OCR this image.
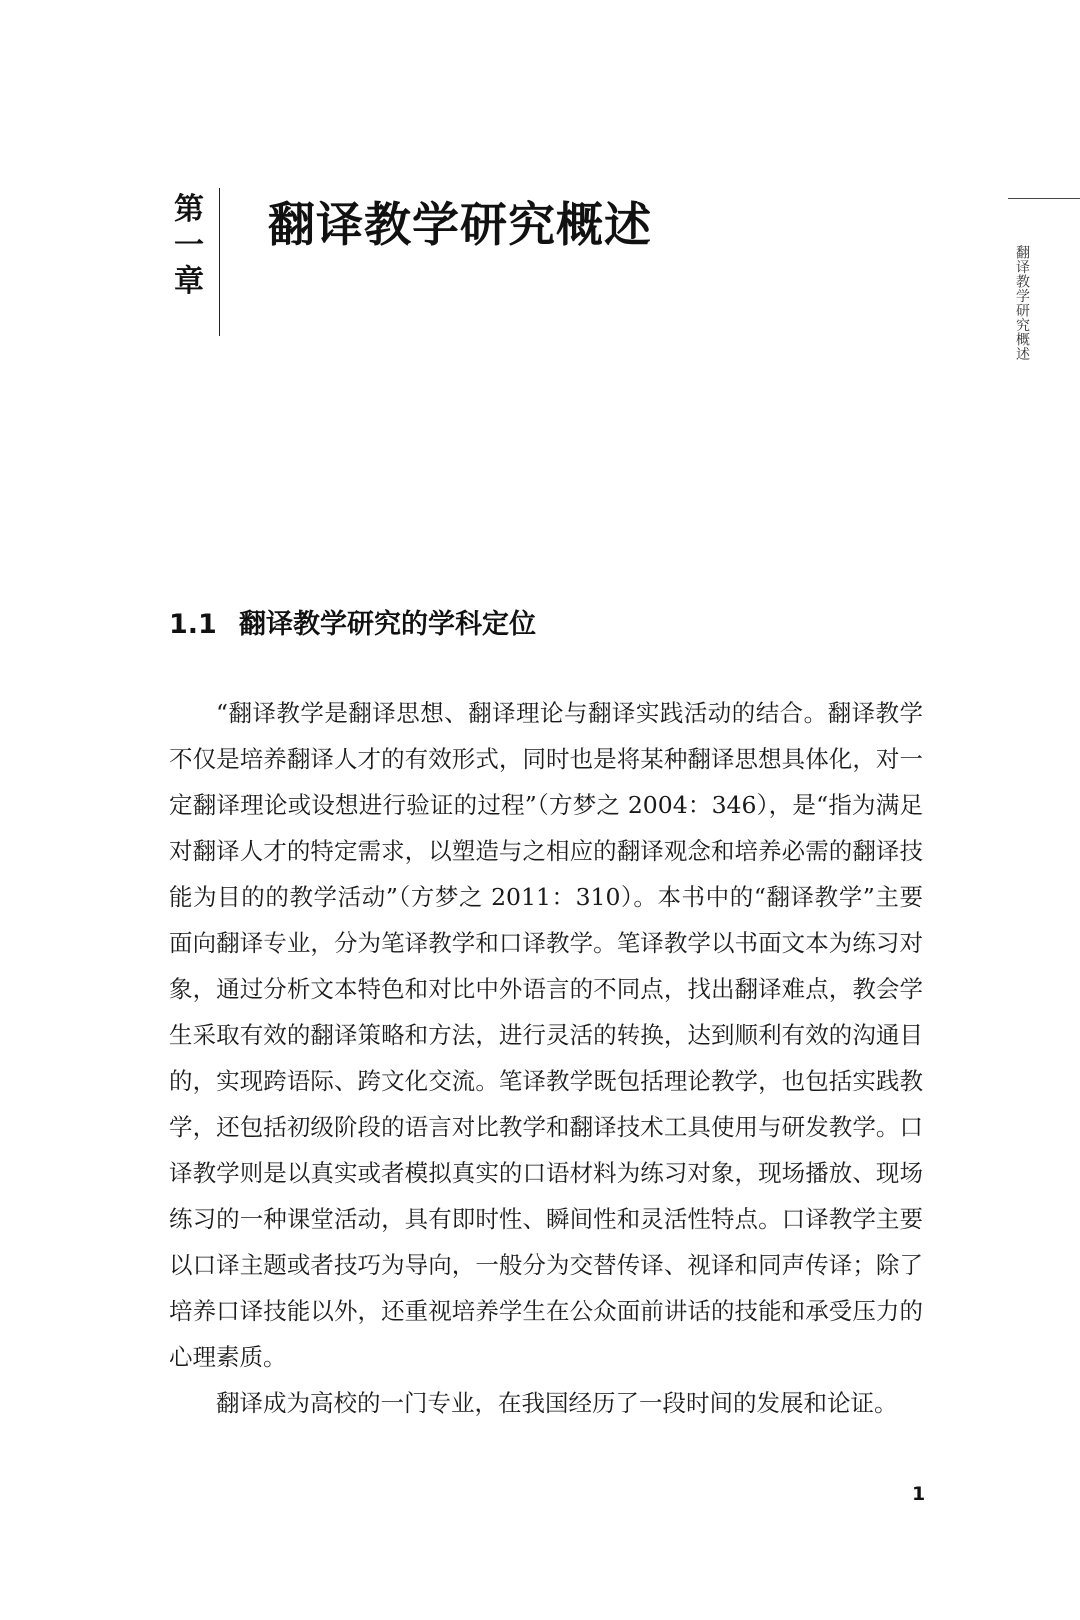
第
一
章
翻译教学研究概述
翻译教学研究概述
1.1 翻译教学研究的学科定位

“翻译教学是翻译思想、翻译理论与翻译实践活动的结合。翻译教学不仅是培养翻译人才的有效形式，同时也是将某种翻译思想具体化，对一定翻译理论或设想进行验证的过程”（方梦之 2004：346），是“指为满足对翻译人才的特定需求，以塑造与之相应的翻译观念和培养必需的翻译技能为目的的教学活动”（方梦之 2011：310）。本书中的“翻译教学”主要面向翻译专业，分为笔译教学和口译教学。笔译教学以书面文本为练习对象，通过分析文本特色和对比中外语言的不同点，找出翻译难点，教会学生采取有效的翻译策略和方法，进行灵活的转换，达到顺利有效的沟通目的，实现跨语际、跨文化交流。笔译教学既包括理论教学，也包括实践教学，还包括初级阶段的语言对比教学和翻译技术工具使用与研发教学。口译教学则是以真实或者模拟真实的口语材料为练习对象，现场播放、现场练习的一种课堂活动，具有即时性、瞬间性和灵活性特点。口译教学主要以口译主题或者技巧为导向，一般分为交替传译、视译和同声传译；除了培养口译技能以外，还重视培养学生在公众面前讲话的技能和承受压力的心理素质。

翻译成为高校的一门专业，在我国经历了一段时间的发展和论证。

1
